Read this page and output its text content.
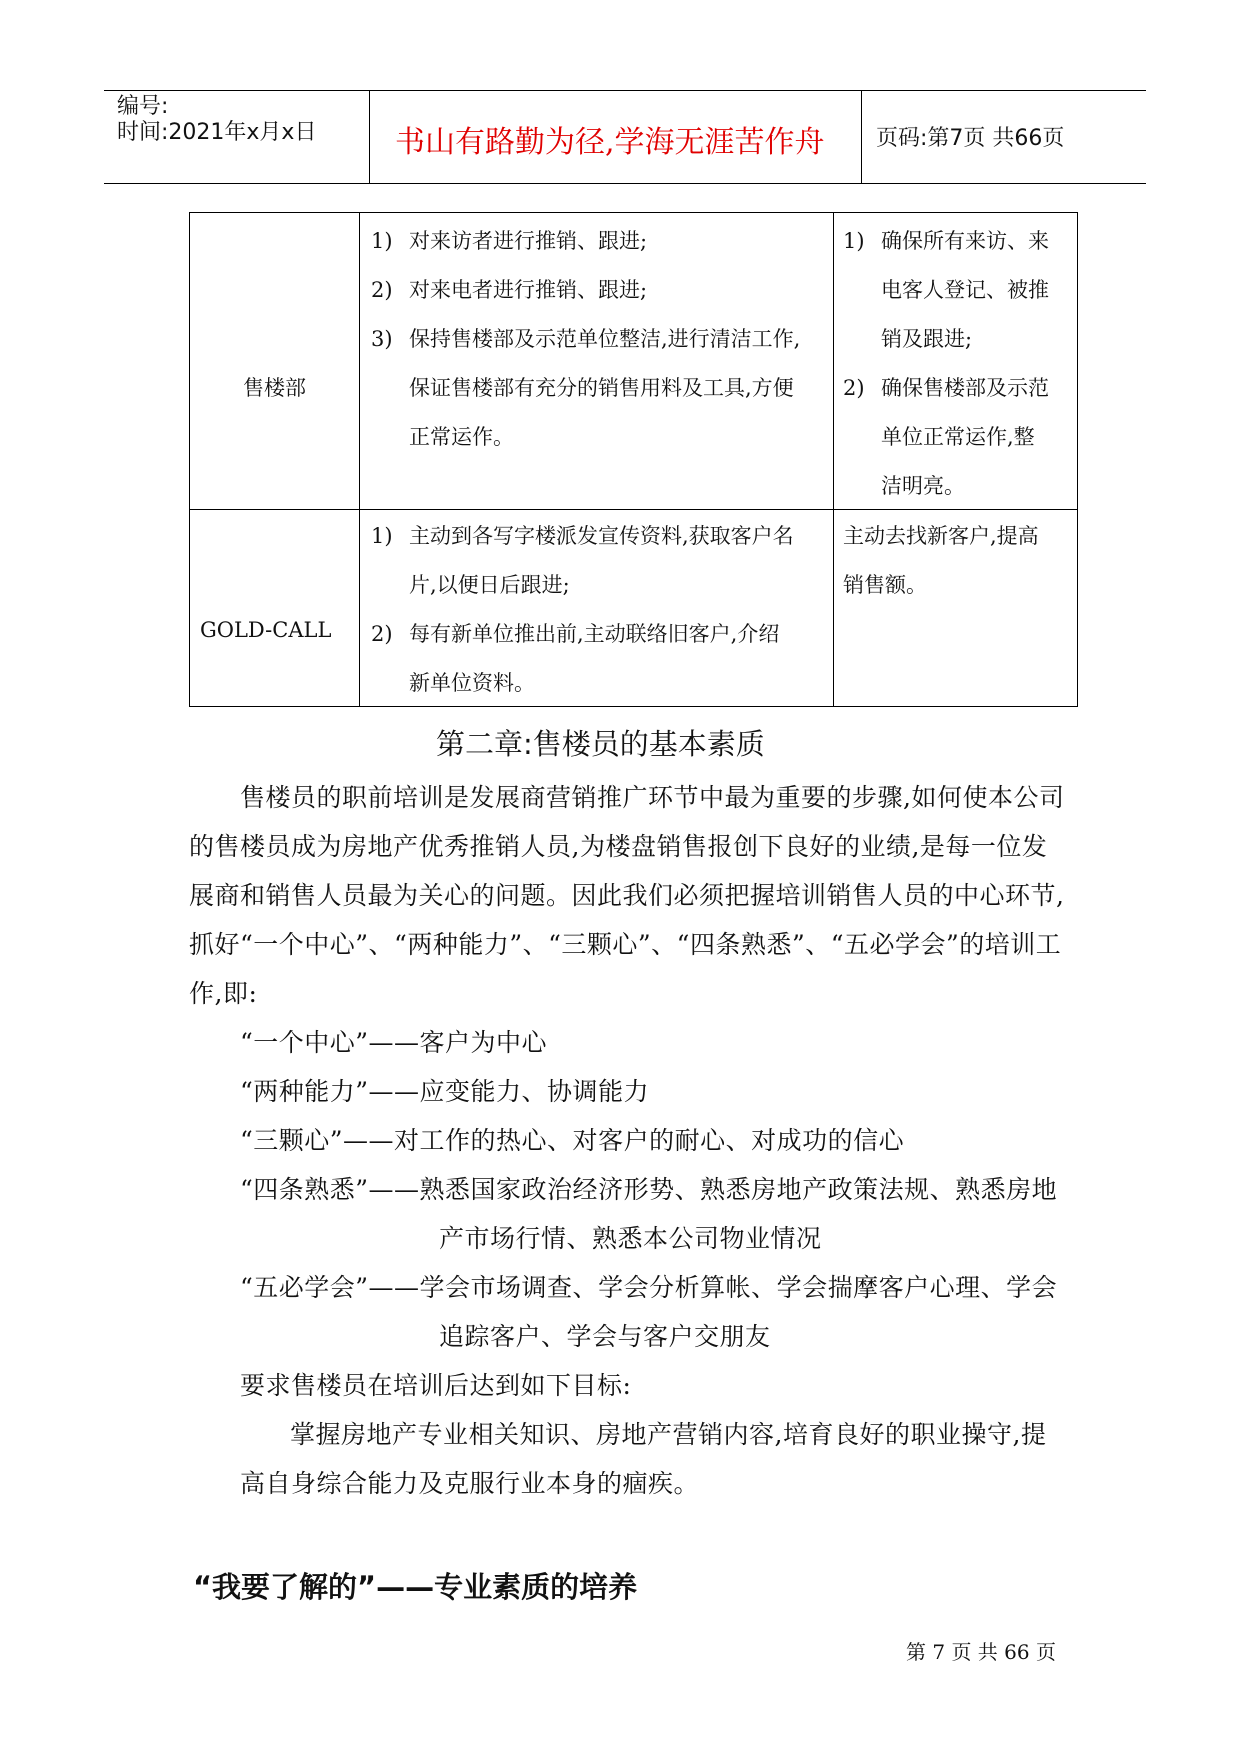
编号:
时间:2021年x月x日	书山有路勤为径,学海无涯苦作舟 页码:第7页 共66页
售楼部
1) 对来访者进行推销、跟进;
2) 对来电者进行推销、跟进;
3) 保持售楼部及示范单位整洁,进行清洁工作,
保证售楼部有充分的销售用料及工具,方便
正常运作。
1) 确保所有来访、来
电客人登记、被推
销及跟进;
2) 确保售楼部及示范
单位正常运作,整
洁明亮。
GOLD-CALL
1) 主动到各写字楼派发宣传资料,获取客户名
片,以便日后跟进;
2) 每有新单位推出前,主动联络旧客户,介绍
新单位资料。
主动去找新客户,提高
销售额。
第二章:售楼员的基本素质
售楼员的职前培训是发展商营销推广环节中最为重要的步骤,如何使本公司
的售楼员成为房地产优秀推销人员,为楼盘销售报创下良好的业绩,是每一位发
展商和销售人员最为关心的问题。因此我们必须把握培训销售人员的中心环节,
抓好“一个中心”、“两种能力”、“三颗心”、“四条熟悉”、“五必学会”的培训工
作,即:
“一个中心”——客户为中心
“两种能力”——应变能力、协调能力
“三颗心”——对工作的热心、对客户的耐心、对成功的信心
“四条熟悉”——熟悉国家政治经济形势、熟悉房地产政策法规、熟悉房地
产市场行情、熟悉本公司物业情况
“五必学会”——学会市场调查、学会分析算帐、学会揣摩客户心理、学会
追踪客户、学会与客户交朋友
要求售楼员在培训后达到如下目标:
掌握房地产专业相关知识、房地产营销内容,培育良好的职业操守,提
高自身综合能力及克服行业本身的痼疾。
“我要了解的”——专业素质的培养
第 7 页 共 66 页
